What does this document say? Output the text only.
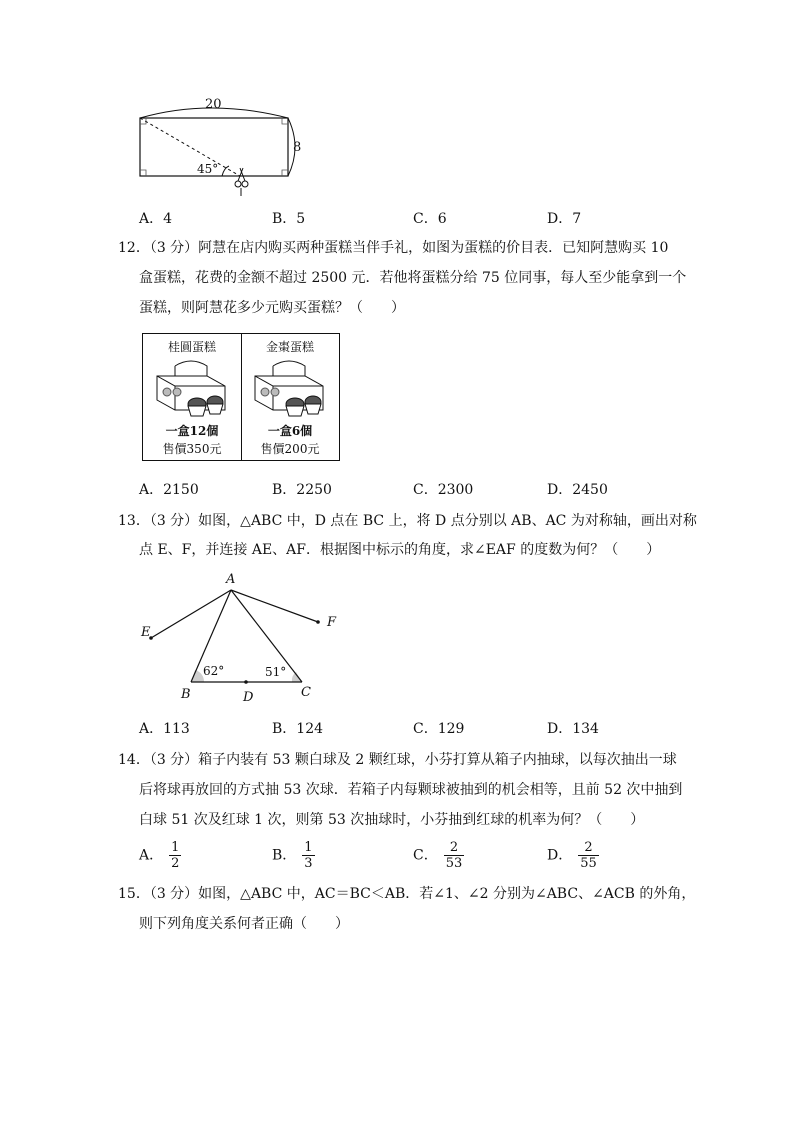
20
8
45°
A．4	B．5	C．6	D．7
12．（3 分）阿慧在店内购买两种蛋糕当伴手礼，如图为蛋糕的价目表．已知阿慧购买 10
盒蛋糕，花费的金额不超过 2500 元．若他将蛋糕分给 75 位同事，每人至少能拿到一个
蛋糕，则阿慧花多少元购买蛋糕？（　　）
桂圓蛋糕
一盒12個
售價350元
金棗蛋糕
一盒6個
售價200元
A．2150	B．2250	C．2300	D．2450
13．（3 分）如图，△ABC 中，D 点在 BC 上，将 D 点分别以 AB、AC 为对称轴，画出对称
点 E、F，并连接 AE、AF．根据图中标示的角度，求∠EAF 的度数为何？（　　）
A
E
F
B	D	C
62°	51°
A．113	B．124	C．129	D．134
14．（3 分）箱子内装有 53 颗白球及 2 颗红球，小芬打算从箱子内抽球，以每次抽出一球
后将球再放回的方式抽 53 次球．若箱子内每颗球被抽到的机会相等，且前 52 次中抽到
白球 51 次及红球 1 次，则第 53 次抽球时，小芬抽到红球的机率为何？（　　）
A． $\frac{1}{2}$	B． $\frac{1}{3}$	C． $\frac{2}{53}$	D． $\frac{2}{55}$
15．（3 分）如图，△ABC 中，AC＝BC＜AB．若∠1、∠2 分别为∠ABC、∠ACB 的外角，
则下列角度关系何者正确（　　）
